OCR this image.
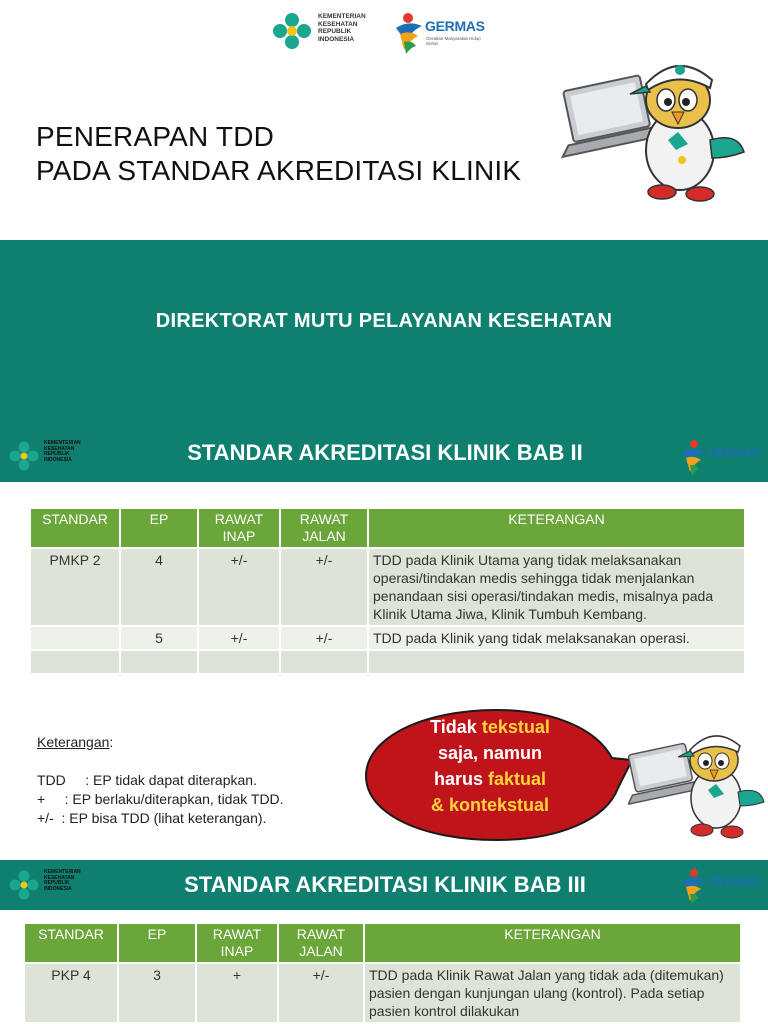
KEMENTERIAN
KESEHATAN
REPUBLIK
INDONESIA
GERMAS
Gerakan Masyarakat Hidup Sehat
PENERAPAN TDD
PADA STANDAR AKREDITASI KLINIK
DIREKTORAT MUTU PELAYANAN KESEHATAN
KEMENTERIAN
KESEHATAN
REPUBLIK
INDONESIA	STANDAR AKREDITASI KLINIK BAB II	GERMAS
STANDAR	EP	RAWAT INAP	RAWAT JALAN	KETERANGAN
PMKP 2	4	+/-	+/-	TDD pada Klinik Utama yang tidak melaksanakan operasi/tindakan medis sehingga tidak menjalankan penandaan sisi operasi/tindakan medis, misalnya pada Klinik Utama Jiwa, Klinik Tumbuh Kembang.
	5	+/-	+/-	TDD pada Klinik yang tidak melaksanakan operasi.

Keterangan:
TDD     : EP tidak dapat diterapkan.
+     : EP berlaku/diterapkan, tidak TDD.
+/-  : EP bisa TDD (lihat keterangan).
Tidak tekstual
saja, namun
harus faktual
& kontekstual
KEMENTERIAN
KESEHATAN
REPUBLIK
INDONESIA	STANDAR AKREDITASI KLINIK BAB III	GERMAS
STANDAR	EP	RAWAT INAP	RAWAT JALAN	KETERANGAN
PKP 4	3	+	+/-	TDD pada Klinik Rawat Jalan yang tidak ada (ditemukan) pasien dengan kunjungan ulang (kontrol). Pada setiap pasien kontrol dilakukan
